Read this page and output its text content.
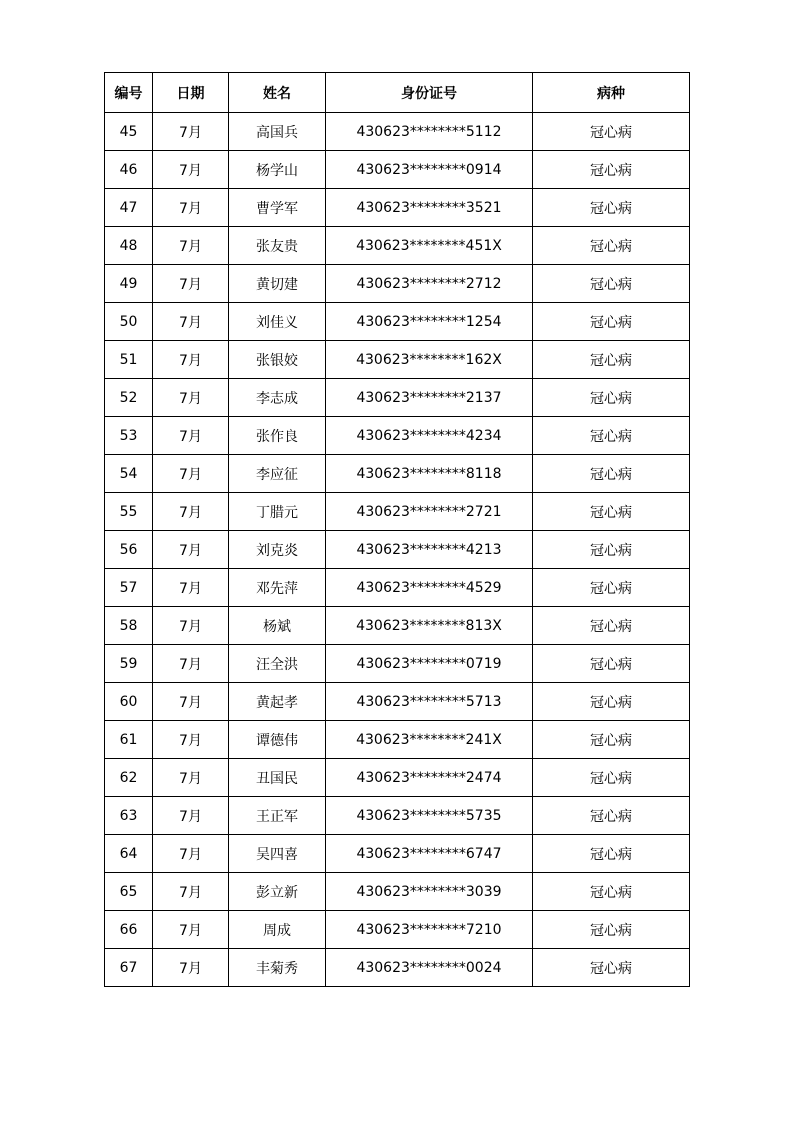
编号	日期	姓名	身份证号	病种
45	7月	高国兵	430623********5112	冠心病
46	7月	杨学山	430623********0914	冠心病
47	7月	曹学军	430623********3521	冠心病
48	7月	张友贵	430623********451X	冠心病
49	7月	黄切建	430623********2712	冠心病
50	7月	刘佳义	430623********1254	冠心病
51	7月	张银姣	430623********162X	冠心病
52	7月	李志成	430623********2137	冠心病
53	7月	张作良	430623********4234	冠心病
54	7月	李应征	430623********8118	冠心病
55	7月	丁腊元	430623********2721	冠心病
56	7月	刘克炎	430623********4213	冠心病
57	7月	邓先萍	430623********4529	冠心病
58	7月	杨斌	430623********813X	冠心病
59	7月	汪全洪	430623********0719	冠心病
60	7月	黄起孝	430623********5713	冠心病
61	7月	谭德伟	430623********241X	冠心病
62	7月	丑国民	430623********2474	冠心病
63	7月	王正军	430623********5735	冠心病
64	7月	吴四喜	430623********6747	冠心病
65	7月	彭立新	430623********3039	冠心病
66	7月	周成	430623********7210	冠心病
67	7月	丰菊秀	430623********0024	冠心病
